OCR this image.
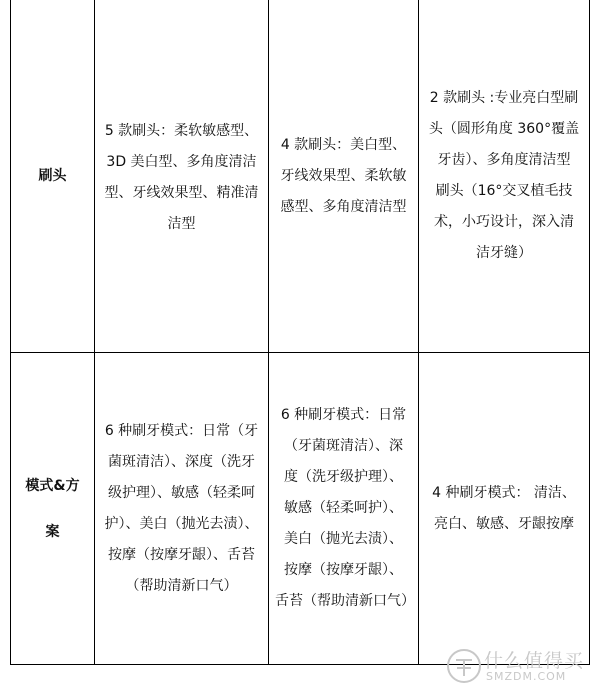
刷头
5 款刷头：柔软敏感型、
3D 美白型、多角度清洁
型、牙线效果型、精准清
洁型
4 款刷头：美白型、
牙线效果型、柔软敏
感型、多角度清洁型
2 款刷头 :专业亮白型刷
头（圆形角度 360°覆盖
牙齿）、多角度清洁型
刷头（16°交叉植毛技
术，小巧设计，深入清
洁牙缝）
模式&方
案
6 种刷牙模式：日常（牙
菌斑清洁）、深度（洗牙
级护理）、敏感（轻柔呵
护）、美白（抛光去渍）、
按摩（按摩牙龈）、舌苔
（帮助清新口气）
6 种刷牙模式：日常
（牙菌斑清洁）、深
度（洗牙级护理）、
敏感（轻柔呵护）、
美白（抛光去渍）、
按摩（按摩牙龈）、
舌苔（帮助清新口气）
4 种刷牙模式： 清洁、
亮白、敏感、牙龈按摩
什么值得买
SMZDM.COM
